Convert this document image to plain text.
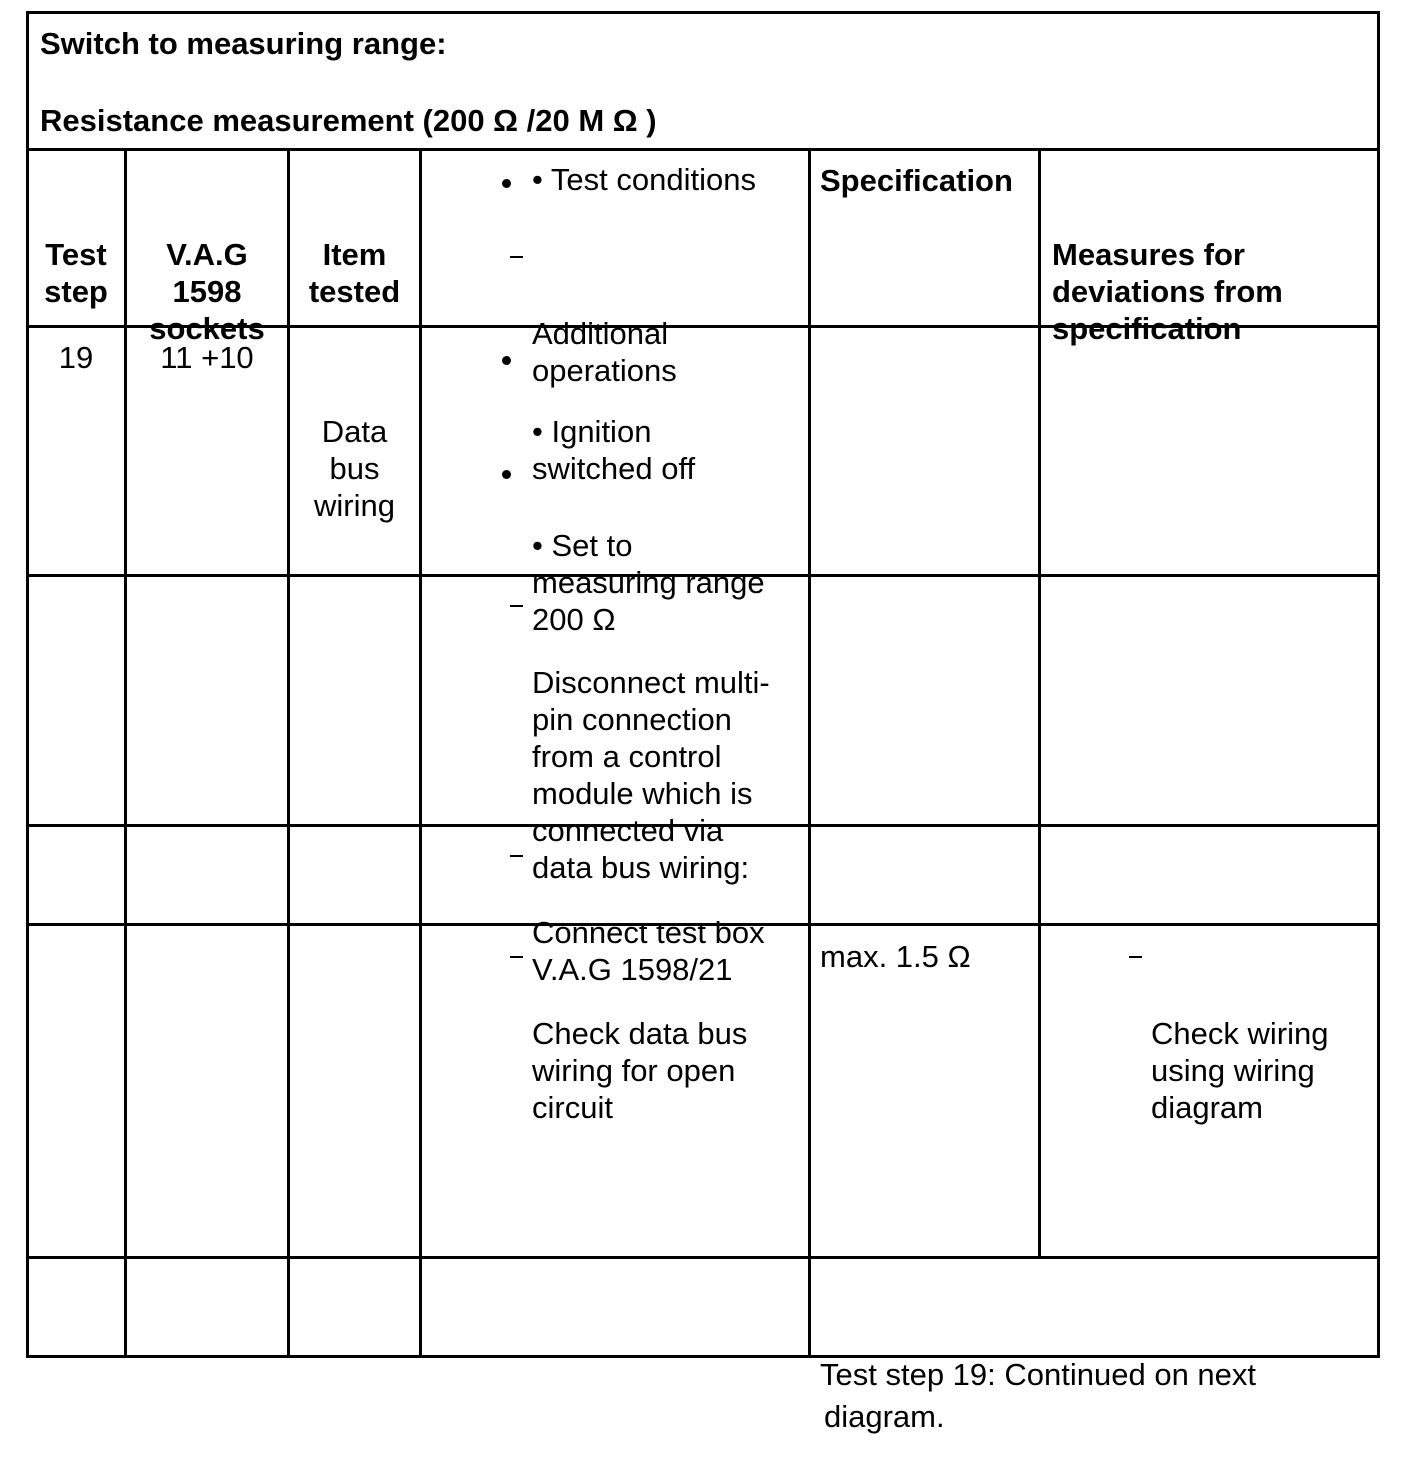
Switch to measuring range:
Resistance measurement (200 Ω /20 M Ω )

Test
step

V.A.G
1598
sockets

Item
tested

• Test conditions

Additional
operations

Specification

Measures for
deviations from
specification

19	11 +10

Data
bus
wiring

• Ignition
switched off

• Set to
measuring range
200 Ω

Disconnect multi-
pin connection
from a control
module which is
connected via
data bus wiring:

Connect test box
V.A.G 1598/21

Check data bus
wiring for open
circuit

max. 1.5 Ω

Check wiring
using wiring
diagram

Test step 19: Continued on next
diagram.
